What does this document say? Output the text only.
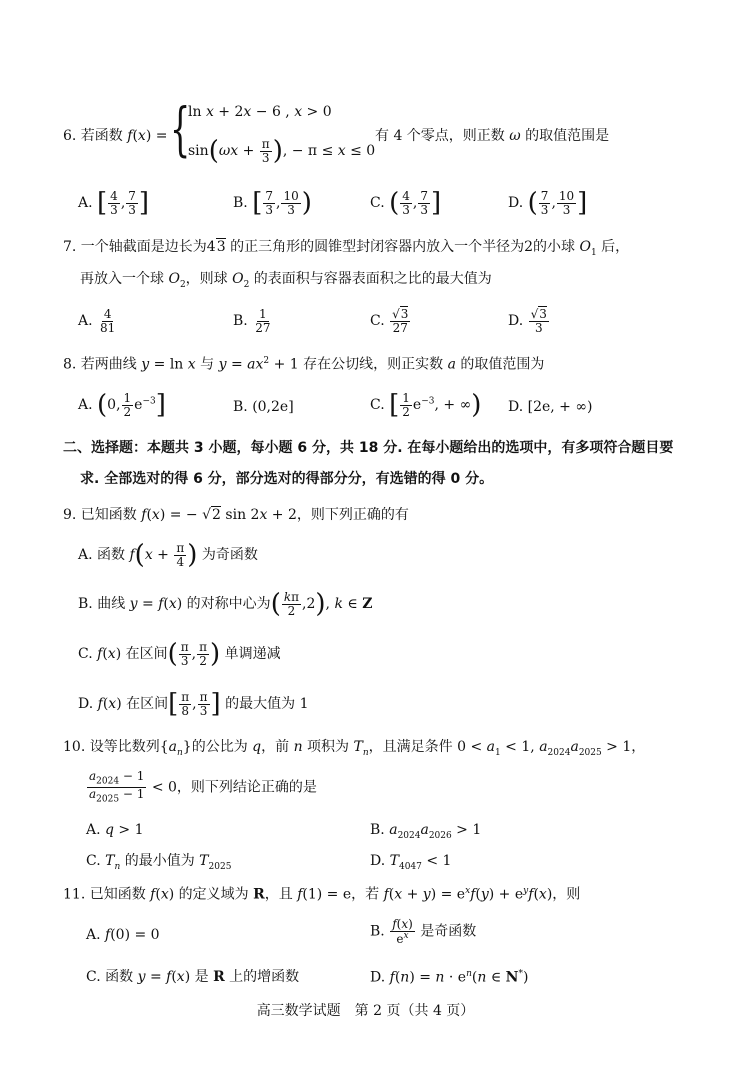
6. 若函数 f(x) = {
ln x + 2x − 6 , x > 0
$\sin(\omega x + \frac{\pi}{3}$ ), − π ≤ x ≤ 0
有 4 个零点，则正数 ω 的取值范围是
A. [ $\frac{4}{3}$ , $\frac{7}{3}$ ]	B. [ $\frac{7}{3}$ , $\frac{10}{3}$ )	C. ( $\frac{4}{3}$ , $\frac{7}{3}$ ]	D. ( $\frac{7}{3}$ , $\frac{10}{3}$ ]
7. 一个轴截面是边长为43 的正三角形的圆锥型封闭容器内放入一个半径为2的小球 $O_1$ 后，
再放入一个球 $O_2$，则球 $O_2$ 的表面积与容器表面积之比的最大值为
A. $\frac{4}{81}$	B. $\frac{1}{27}$	C. $\frac{√3}{27}$	D. $\frac{√3}{3}$
8. 若两曲线 y = ln x 与 $y = ax^2 + 1$ 存在公切线，则正实数 a 的取值范围为
A. (0, $\frac{1}{2} e^{-3}$]	B. (0,2e]	C. [ $\frac{1}{2} e^{-3}$, + ∞) D. [2e, + ∞)
二、选择题：本题共 3 小题，每小题 6 分，共 18 分. 在每小题给出的选项中，有多项符合题目要
求. 全部选对的得 6 分，部分选对的得部分分，有选错的得 0 分。
9. 已知函数 f(x) = − √2 sin 2x + 2，则下列正确的有
A. 函数 $f(x + \frac{\pi}{4}$ ) 为奇函数
B. 曲线 y = f(x) 的对称中心为( $\frac{k\pi}{2} ,2$), k ∈ Z
C. f(x) 在区间( $\frac{\pi}{3}$ , $\frac{\pi}{2}$ ) 单调递减
D. f(x) 在区间[ $\frac{\pi}{8}$ , $\frac{\pi}{3}$ ] 的最大值为 1
10. 设等比数列$\{a_n\}$的公比为 q，前 n 项积为 $T_n$，且满足条件 $0 < a_1 < 1$, $a_{2024}a_{2025} > 1$，
$\frac{a_{2024} - 1}{a_{2025} - 1} < 0$，则下列结论正确的是
A. q > 1	B. $a_{2024}a_{2026} > 1$
C. $T_n$ 的最小值为 $T_{2025}$	D. $T_{4047} < 1$
11. 已知函数 f(x) 的定义域为 R，且 f(1) = e，若 $f(x + y) = e^xf(y) + e^yf(x)$，则
A. f(0) = 0	B. $\frac{f(x)}{e^x}$ 是奇函数
C. 函数 y = f(x) 是 R 上的增函数	D. $f(n) = n \cdot e^n(n$ ∈ N*)
高三数学试题　第 2 页（共 4 页）
